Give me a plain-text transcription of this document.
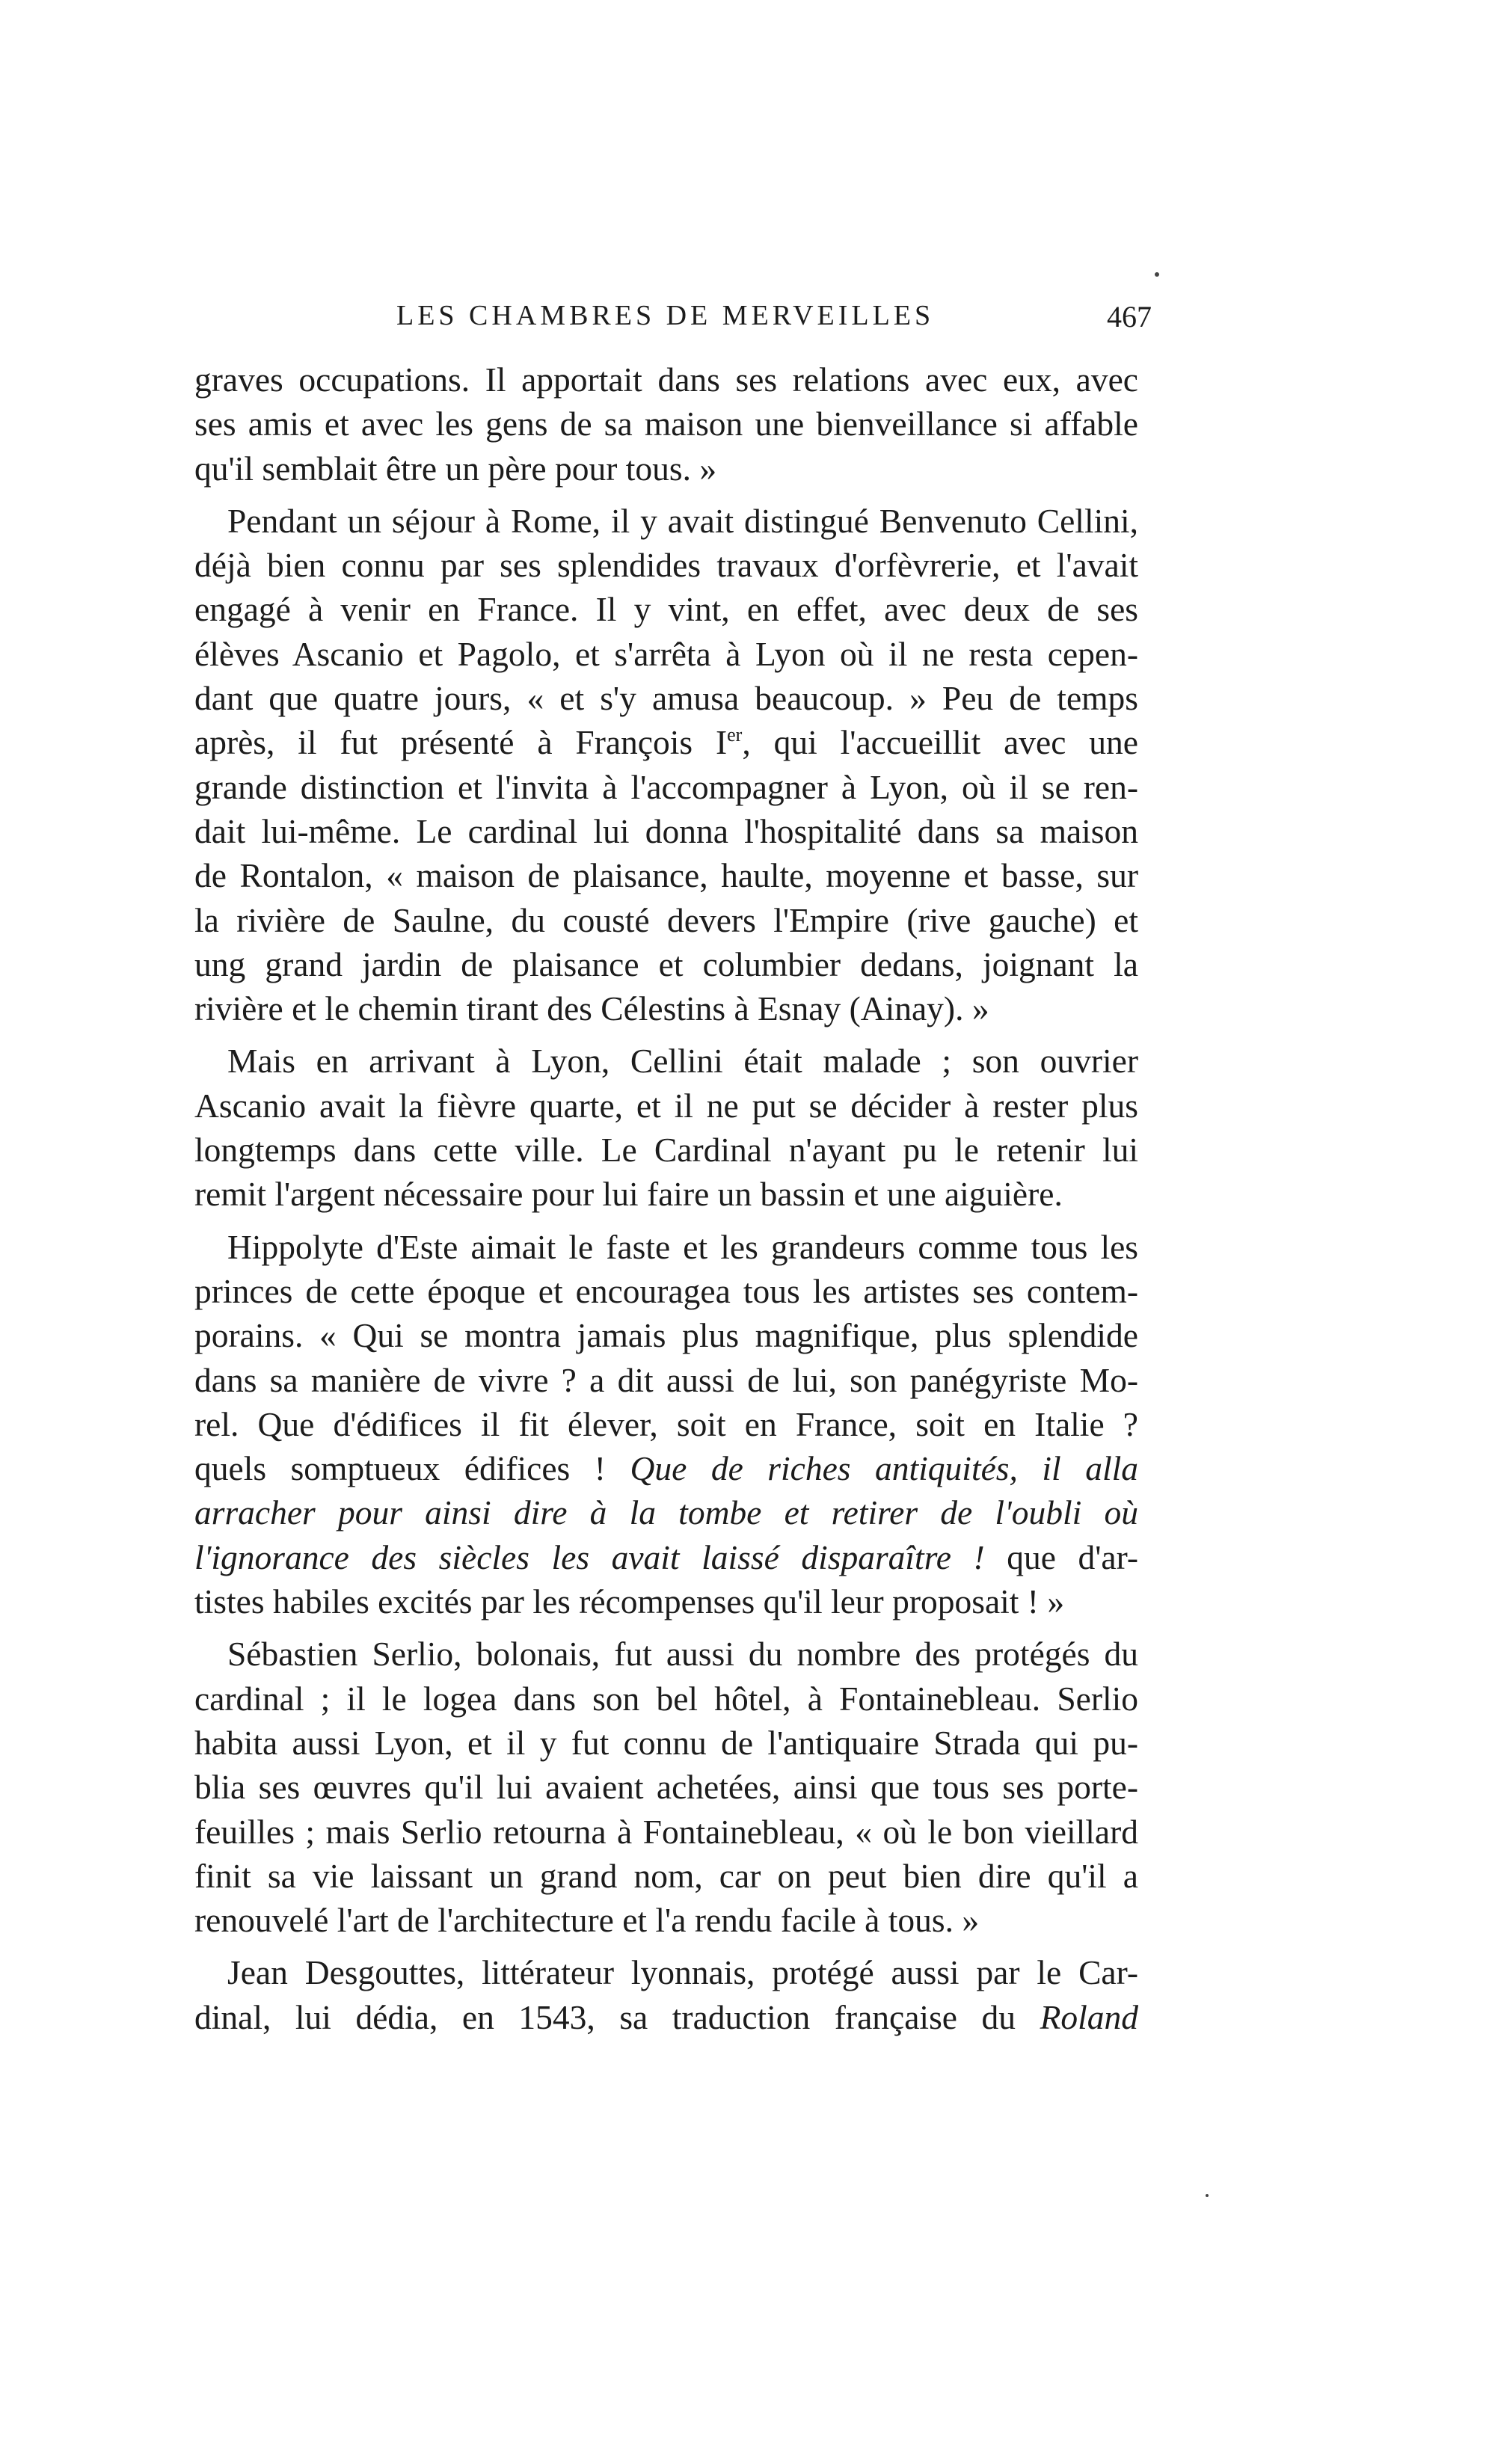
LES CHAMBRES DE MERVEILLES	467
graves occupations. Il apportait dans ses relations avec eux, avec
ses amis et avec les gens de sa maison une bienveillance si affable
qu'il semblait être un père pour tous. »
Pendant un séjour à Rome, il y avait distingué Benvenuto Cellini,
déjà bien connu par ses splendides travaux d'orfèvrerie, et l'avait
engagé à venir en France. Il y vint, en effet, avec deux de ses
élèves Ascanio et Pagolo, et s'arrêta à Lyon où il ne resta cepen-
dant que quatre jours, « et s'y amusa beaucoup. » Peu de temps
après, il fut présenté à François Ier, qui l'accueillit avec une
grande distinction et l'invita à l'accompagner à Lyon, où il se ren-
dait lui-même. Le cardinal lui donna l'hospitalité dans sa maison
de Rontalon, « maison de plaisance, haulte, moyenne et basse, sur
la rivière de Saulne, du cousté devers l'Empire (rive gauche) et
ung grand jardin de plaisance et columbier dedans, joignant la
rivière et le chemin tirant des Célestins à Esnay (Ainay). »
Mais en arrivant à Lyon, Cellini était malade ; son ouvrier
Ascanio avait la fièvre quarte, et il ne put se décider à rester plus
longtemps dans cette ville. Le Cardinal n'ayant pu le retenir lui
remit l'argent nécessaire pour lui faire un bassin et une aiguière.
Hippolyte d'Este aimait le faste et les grandeurs comme tous les
princes de cette époque et encouragea tous les artistes ses contem-
porains. « Qui se montra jamais plus magnifique, plus splendide
dans sa manière de vivre ? a dit aussi de lui, son panégyriste Mo-
rel. Que d'édifices il fit élever, soit en France, soit en Italie ?
quels somptueux édifices ! Que de riches antiquités, il alla
arracher pour ainsi dire à la tombe et retirer de l'oubli où
l'ignorance des siècles les avait laissé disparaître ! que d'ar-
tistes habiles excités par les récompenses qu'il leur proposait ! »
Sébastien Serlio, bolonais, fut aussi du nombre des protégés du
cardinal ; il le logea dans son bel hôtel, à Fontainebleau. Serlio
habita aussi Lyon, et il y fut connu de l'antiquaire Strada qui pu-
blia ses œuvres qu'il lui avaient achetées, ainsi que tous ses porte-
feuilles ; mais Serlio retourna à Fontainebleau, « où le bon vieillard
finit sa vie laissant un grand nom, car on peut bien dire qu'il a
renouvelé l'art de l'architecture et l'a rendu facile à tous. »
Jean Desgouttes, littérateur lyonnais, protégé aussi par le Car-
dinal, lui dédia, en 1543, sa traduction française du Roland
